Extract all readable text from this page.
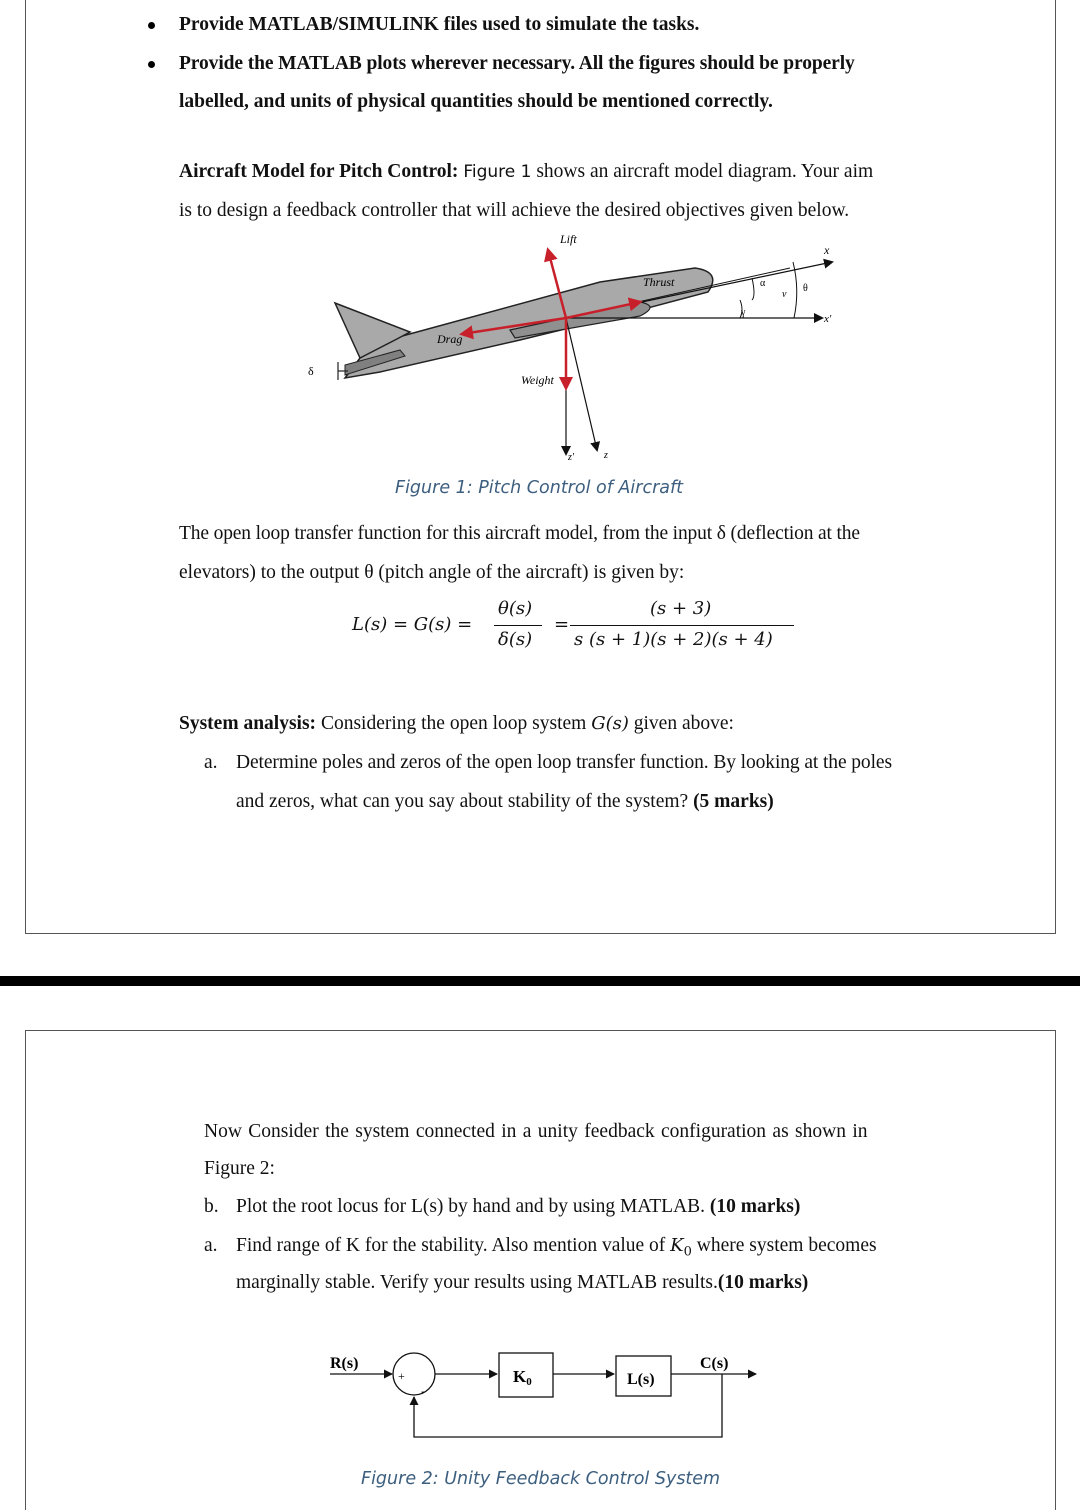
Provide MATLAB/SIMULINK files used to simulate the tasks.
Provide the MATLAB plots wherever necessary. All the figures should be properly
labelled, and units of physical quantities should be mentioned correctly.
Aircraft Model for Pitch Control: Figure 1 shows an aircraft model diagram. Your aim
is to design a feedback controller that will achieve the desired objectives given below.
δ
Lift
Thrust
Drag
Weight
x
x'
z'	z
α
γ
θ
v
Figure 1: Pitch Control of Aircraft
The open loop transfer function for this aircraft model, from the input δ (deflection at the
elevators) to the output θ (pitch angle of the aircraft) is given by:
L(s) = G(s) =
θ(s)
δ(s)
=
(s + 3)
s (s + 1)(s + 2)(s + 4)
System analysis: Considering the open loop system G(s) given above:
a. Determine poles and zeros of the open loop transfer function. By looking at the poles
and zeros, what can you say about stability of the system? (5 marks)
Now Consider the system connected in a unity feedback configuration as shown in
Figure 2:
b. Plot the root locus for L(s) by hand and by using MATLAB. (10 marks)
a. Find range of K for the stability. Also mention value of $K_0$ where system becomes
marginally stable. Verify your results using MATLAB results.(10 marks)
R(s)
+
-
K0	L(s)
C(s)
Figure 2: Unity Feedback Control System
